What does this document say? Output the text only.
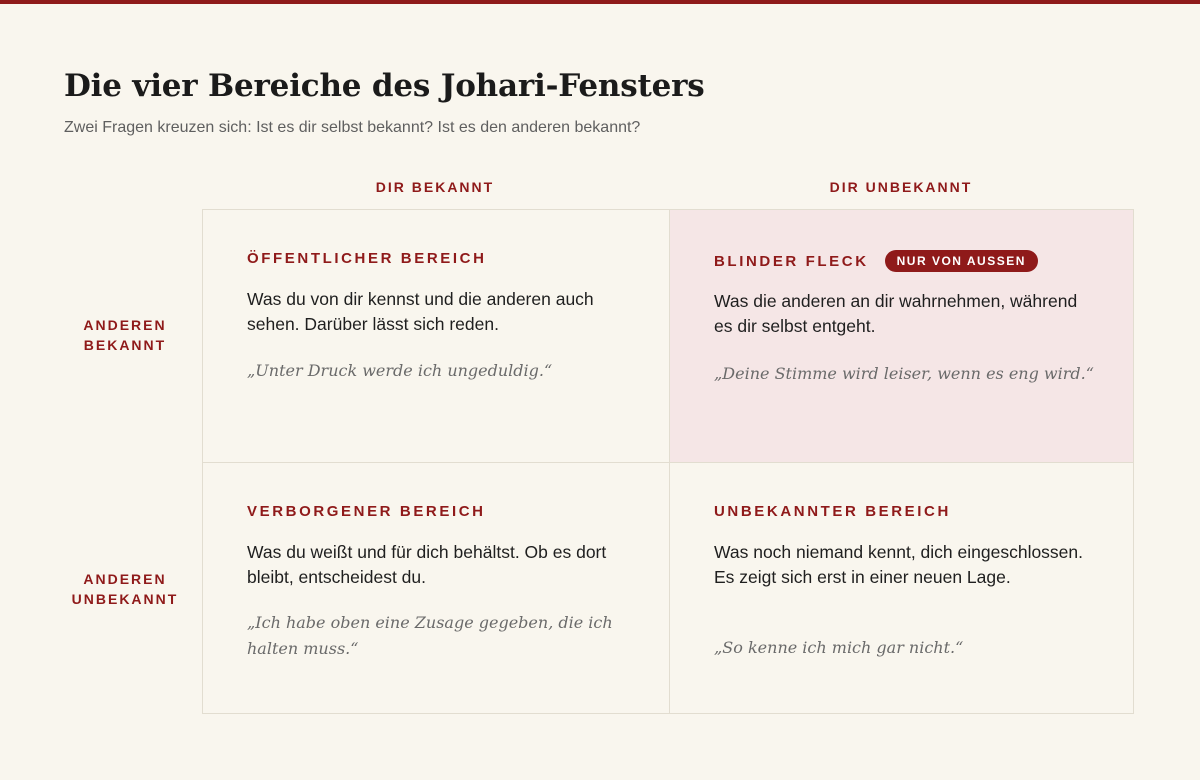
Die vier Bereiche des Johari-Fensters

Zwei Fragen kreuzen sich: Ist es dir selbst bekannt? Ist es den anderen bekannt?

DIR BEKANNT	DIR UNBEKANNT
ANDEREN BEKANNT
ANDEREN UNBEKANNT
ÖFFENTLICHER BEREICH

Was du von dir kennst und die anderen auch sehen. Darüber lässt sich reden.

„Unter Druck werde ich ungeduldig.“

BLINDER FLECK	NUR VON AUSSEN

Was die anderen an dir wahrnehmen, während es dir selbst entgeht.

„Deine Stimme wird leiser, wenn es eng wird.“

VERBORGENER BEREICH

Was du weißt und für dich behältst. Ob es dort bleibt, entscheidest du.

„Ich habe oben eine Zusage gegeben, die ich halten muss.“

UNBEKANNTER BEREICH

Was noch niemand kennt, dich eingeschlossen. Es zeigt sich erst in einer neuen Lage.

„So kenne ich mich gar nicht.“
